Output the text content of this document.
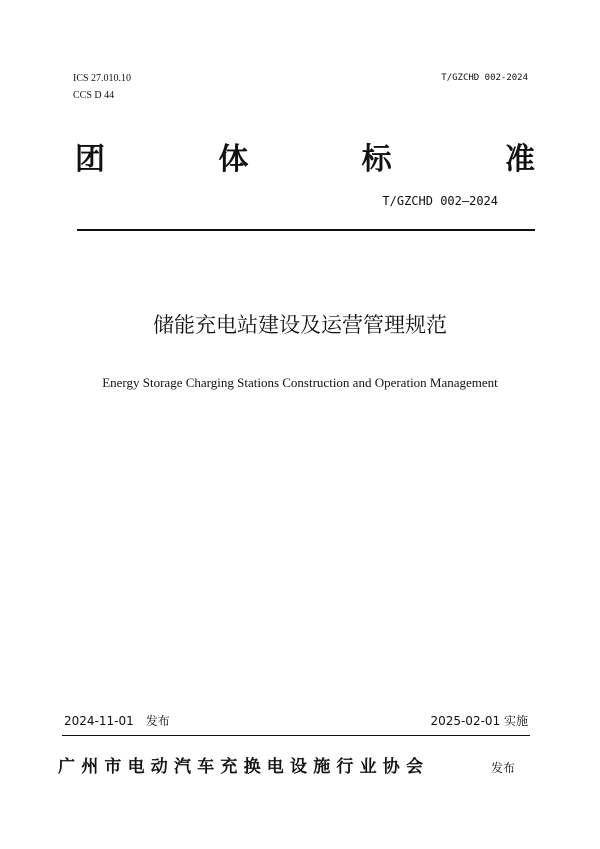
ICS 27.010.10
CCS D 44
T/GZCHD 002-2024
团	体	标	准
T/GZCHD 002—2024
储能充电站建设及运营管理规范
Energy Storage Charging Stations Construction and Operation Management
2024-11-01　发布	2025-02-01 实施
广州市电动汽车充换电设施行业协会	发布
